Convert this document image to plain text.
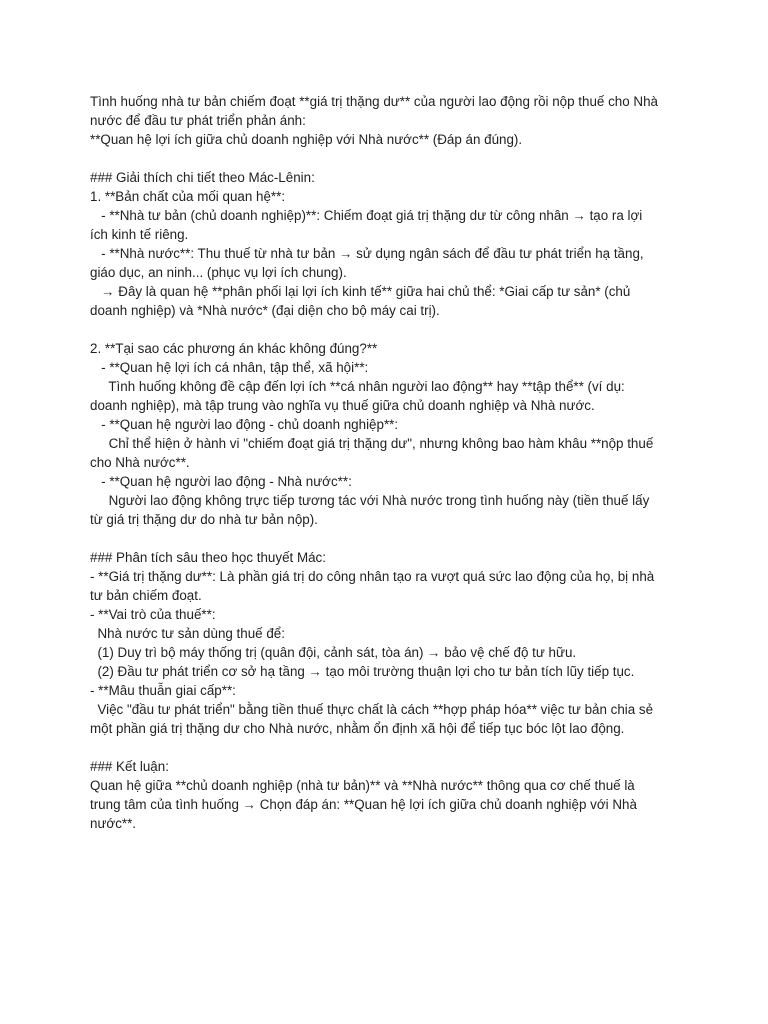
Tình huống nhà tư bản chiếm đoạt **giá trị thặng dư** của người lao động rồi nộp thuế cho Nhà
nước để đầu tư phát triển phản ánh:
**Quan hệ lợi ích giữa chủ doanh nghiệp với Nhà nước** (Đáp án đúng).
### Giải thích chi tiết theo Mác-Lênin:
1. **Bản chất của mối quan hệ**:
- **Nhà tư bản (chủ doanh nghiệp)**: Chiếm đoạt giá trị thặng dư từ công nhân → tạo ra lợi
ích kinh tế riêng.
- **Nhà nước**: Thu thuế từ nhà tư bản → sử dụng ngân sách để đầu tư phát triển hạ tầng,
giáo dục, an ninh... (phục vụ lợi ích chung).
→ Đây là quan hệ **phân phối lại lợi ích kinh tế** giữa hai chủ thể: *Giai cấp tư sản* (chủ
doanh nghiệp) và *Nhà nước* (đại diện cho bộ máy cai trị).
2. **Tại sao các phương án khác không đúng?**
- **Quan hệ lợi ích cá nhân, tập thể, xã hội**:
Tình huống không đề cập đến lợi ích **cá nhân người lao động** hay **tập thể** (ví dụ:
doanh nghiệp), mà tập trung vào nghĩa vụ thuế giữa chủ doanh nghiệp và Nhà nước.
- **Quan hệ người lao động - chủ doanh nghiệp**:
Chỉ thể hiện ở hành vi "chiếm đoạt giá trị thặng dư", nhưng không bao hàm khâu **nộp thuế
cho Nhà nước**.
- **Quan hệ người lao động - Nhà nước**:
Người lao động không trực tiếp tương tác với Nhà nước trong tình huống này (tiền thuế lấy
từ giá trị thặng dư do nhà tư bản nộp).
### Phân tích sâu theo học thuyết Mác:
- **Giá trị thặng dư**: Là phần giá trị do công nhân tạo ra vượt quá sức lao động của họ, bị nhà
tư bản chiếm đoạt.
- **Vai trò của thuế**:
Nhà nước tư sản dùng thuế để:
(1) Duy trì bộ máy thống trị (quân đội, cảnh sát, tòa án) → bảo vệ chế độ tư hữu.
(2) Đầu tư phát triển cơ sở hạ tầng → tạo môi trường thuận lợi cho tư bản tích lũy tiếp tục.
- **Mâu thuẫn giai cấp**:
Việc "đầu tư phát triển" bằng tiền thuế thực chất là cách **hợp pháp hóa** việc tư bản chia sẻ
một phần giá trị thặng dư cho Nhà nước, nhằm ổn định xã hội để tiếp tục bóc lột lao động.
### Kết luận:
Quan hệ giữa **chủ doanh nghiệp (nhà tư bản)** và **Nhà nước** thông qua cơ chế thuế là
trung tâm của tình huống → Chọn đáp án: **Quan hệ lợi ích giữa chủ doanh nghiệp với Nhà
nước**.
